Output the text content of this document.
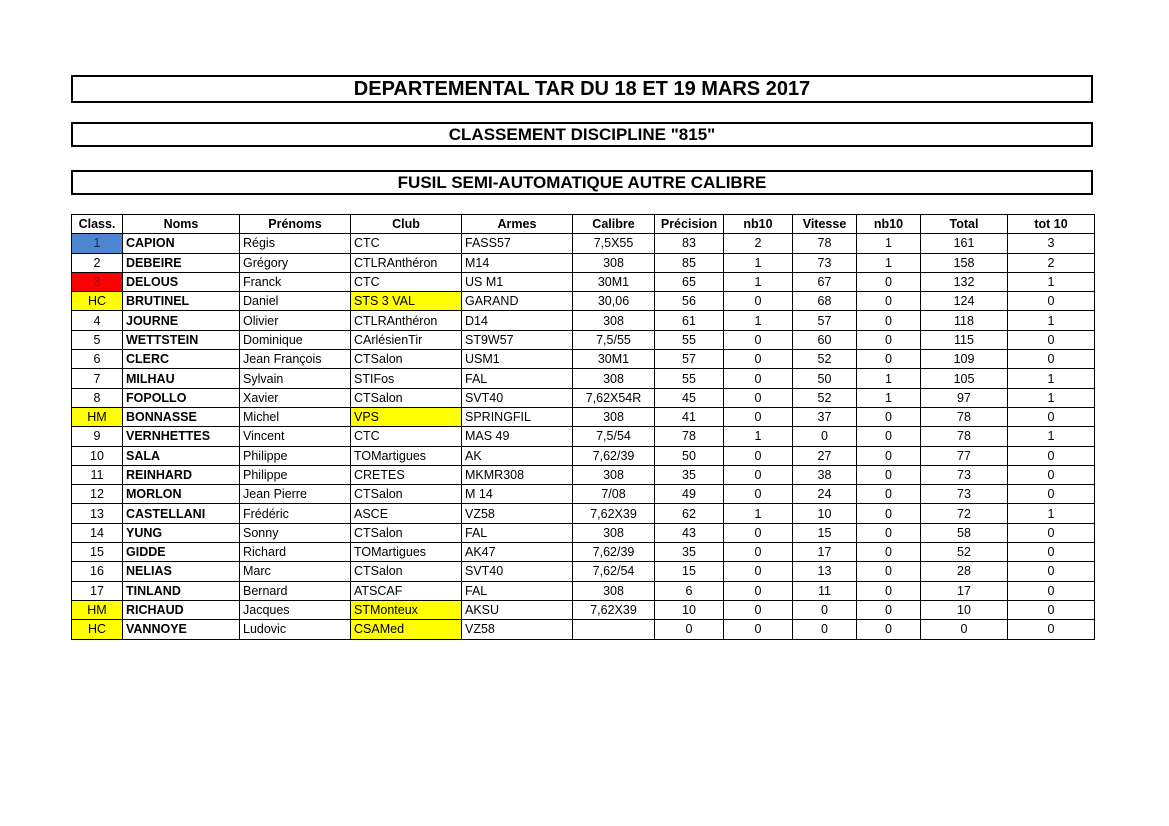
DEPARTEMENTAL TAR DU 18 ET 19 MARS 2017
CLASSEMENT DISCIPLINE "815"
FUSIL SEMI-AUTOMATIQUE AUTRE CALIBRE
Class.	Noms	Prénoms	Club	Armes	Calibre	Précision	nb10	Vitesse	nb10	Total	tot 10
1	CAPION	Régis	CTC	FASS57	7,5X55	83	2	78	1	161	3
2	DEBEIRE	Grégory	CTLRAnthéron	M14	308	85	1	73	1	158	2
3	DELOUS	Franck	CTC	US M1	30M1	65	1	67	0	132	1
HC	BRUTINEL	Daniel	STS 3 VAL	GARAND	30,06	56	0	68	0	124	0
4	JOURNE	Olivier	CTLRAnthéron	D14	308	61	1	57	0	118	1
5	WETTSTEIN	Dominique	CArlésienTir	ST9W57	7,5/55	55	0	60	0	115	0
6	CLERC	Jean François	CTSalon	USM1	30M1	57	0	52	0	109	0
7	MILHAU	Sylvain	STIFos	FAL	308	55	0	50	1	105	1
8	FOPOLLO	Xavier	CTSalon	SVT40	7,62X54R	45	0	52	1	97	1
HM	BONNASSE	Michel	VPS	SPRINGFIL	308	41	0	37	0	78	0
9	VERNHETTES	Vincent	CTC	MAS 49	7,5/54	78	1	0	0	78	1
10	SALA	Philippe	TOMartigues	AK	7,62/39	50	0	27	0	77	0
11	REINHARD	Philippe	CRETES	MKMR308	308	35	0	38	0	73	0
12	MORLON	Jean Pierre	CTSalon	M 14	7/08	49	0	24	0	73	0
13	CASTELLANI	Frédéric	ASCE	VZ58	7,62X39	62	1	10	0	72	1
14	YUNG	Sonny	CTSalon	FAL	308	43	0	15	0	58	0
15	GIDDE	Richard	TOMartigues	AK47	7,62/39	35	0	17	0	52	0
16	NELIAS	Marc	CTSalon	SVT40	7,62/54	15	0	13	0	28	0
17	TINLAND	Bernard	ATSCAF	FAL	308	6	0	11	0	17	0
HM	RICHAUD	Jacques	STMonteux	AKSU	7,62X39	10	0	0	0	10	0
HC	VANNOYE	Ludovic	CSAMed	VZ58		0	0	0	0	0	0
